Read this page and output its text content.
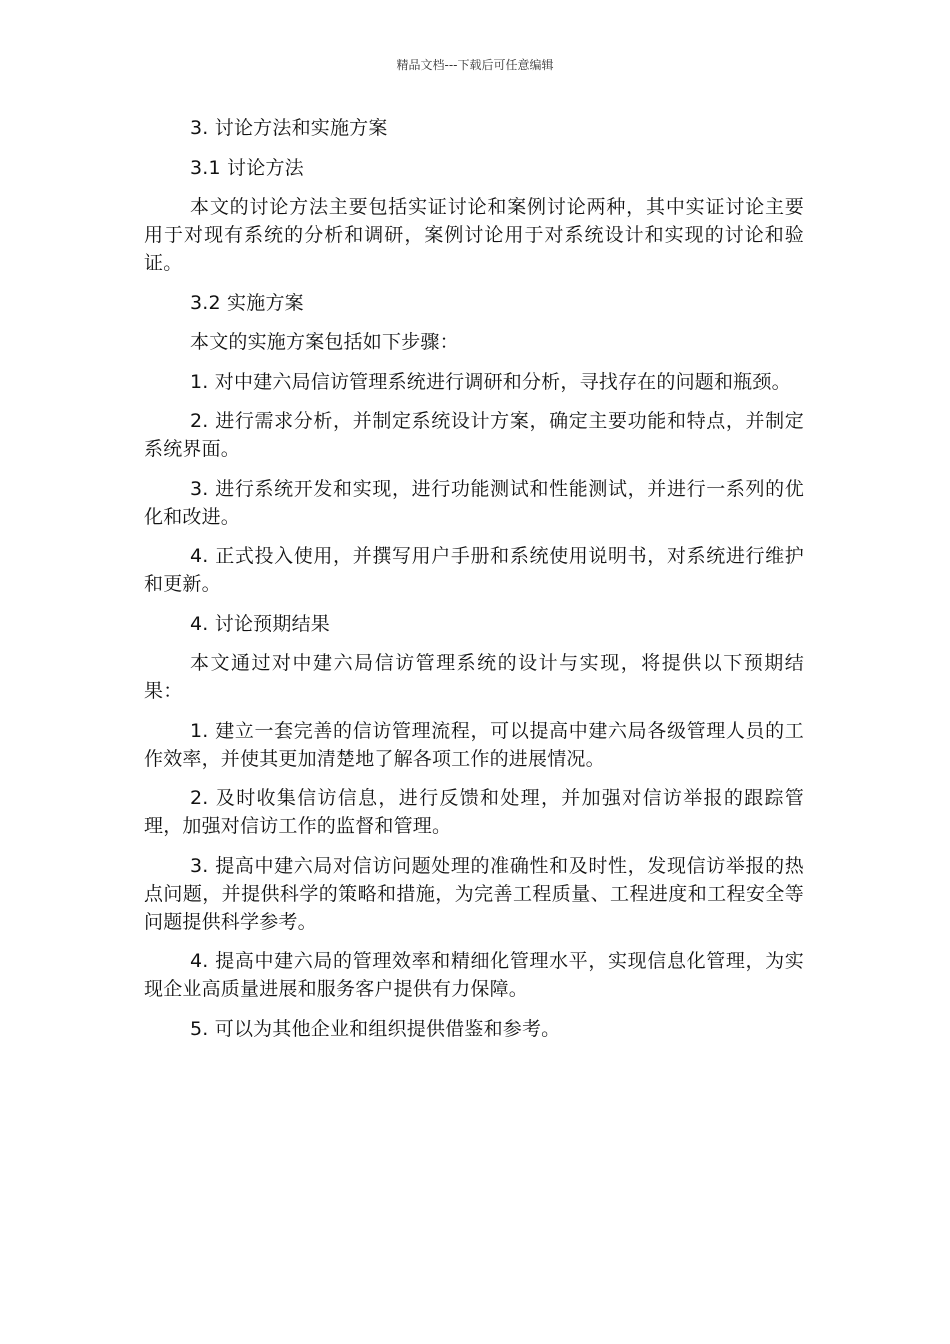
精品文档---下载后可任意编辑

3. 讨论方法和实施方案

3.1 讨论方法

本文的讨论方法主要包括实证讨论和案例讨论两种，其中实证讨论主要用于对现有系统的分析和调研，案例讨论用于对系统设计和实现的讨论和验证。

3.2 实施方案

本文的实施方案包括如下步骤：

1. 对中建六局信访管理系统进行调研和分析，寻找存在的问题和瓶颈。

2. 进行需求分析，并制定系统设计方案，确定主要功能和特点，并制定系统界面。

3. 进行系统开发和实现，进行功能测试和性能测试，并进行一系列的优化和改进。

4. 正式投入使用，并撰写用户手册和系统使用说明书，对系统进行维护和更新。

4. 讨论预期结果

本文通过对中建六局信访管理系统的设计与实现，将提供以下预期结果：

1. 建立一套完善的信访管理流程，可以提高中建六局各级管理人员的工作效率，并使其更加清楚地了解各项工作的进展情况。

2. 及时收集信访信息，进行反馈和处理，并加强对信访举报的跟踪管理，加强对信访工作的监督和管理。

3. 提高中建六局对信访问题处理的准确性和及时性，发现信访举报的热点问题，并提供科学的策略和措施，为完善工程质量、工程进度和工程安全等问题提供科学参考。

4. 提高中建六局的管理效率和精细化管理水平，实现信息化管理，为实现企业高质量进展和服务客户提供有力保障。

5. 可以为其他企业和组织提供借鉴和参考。
